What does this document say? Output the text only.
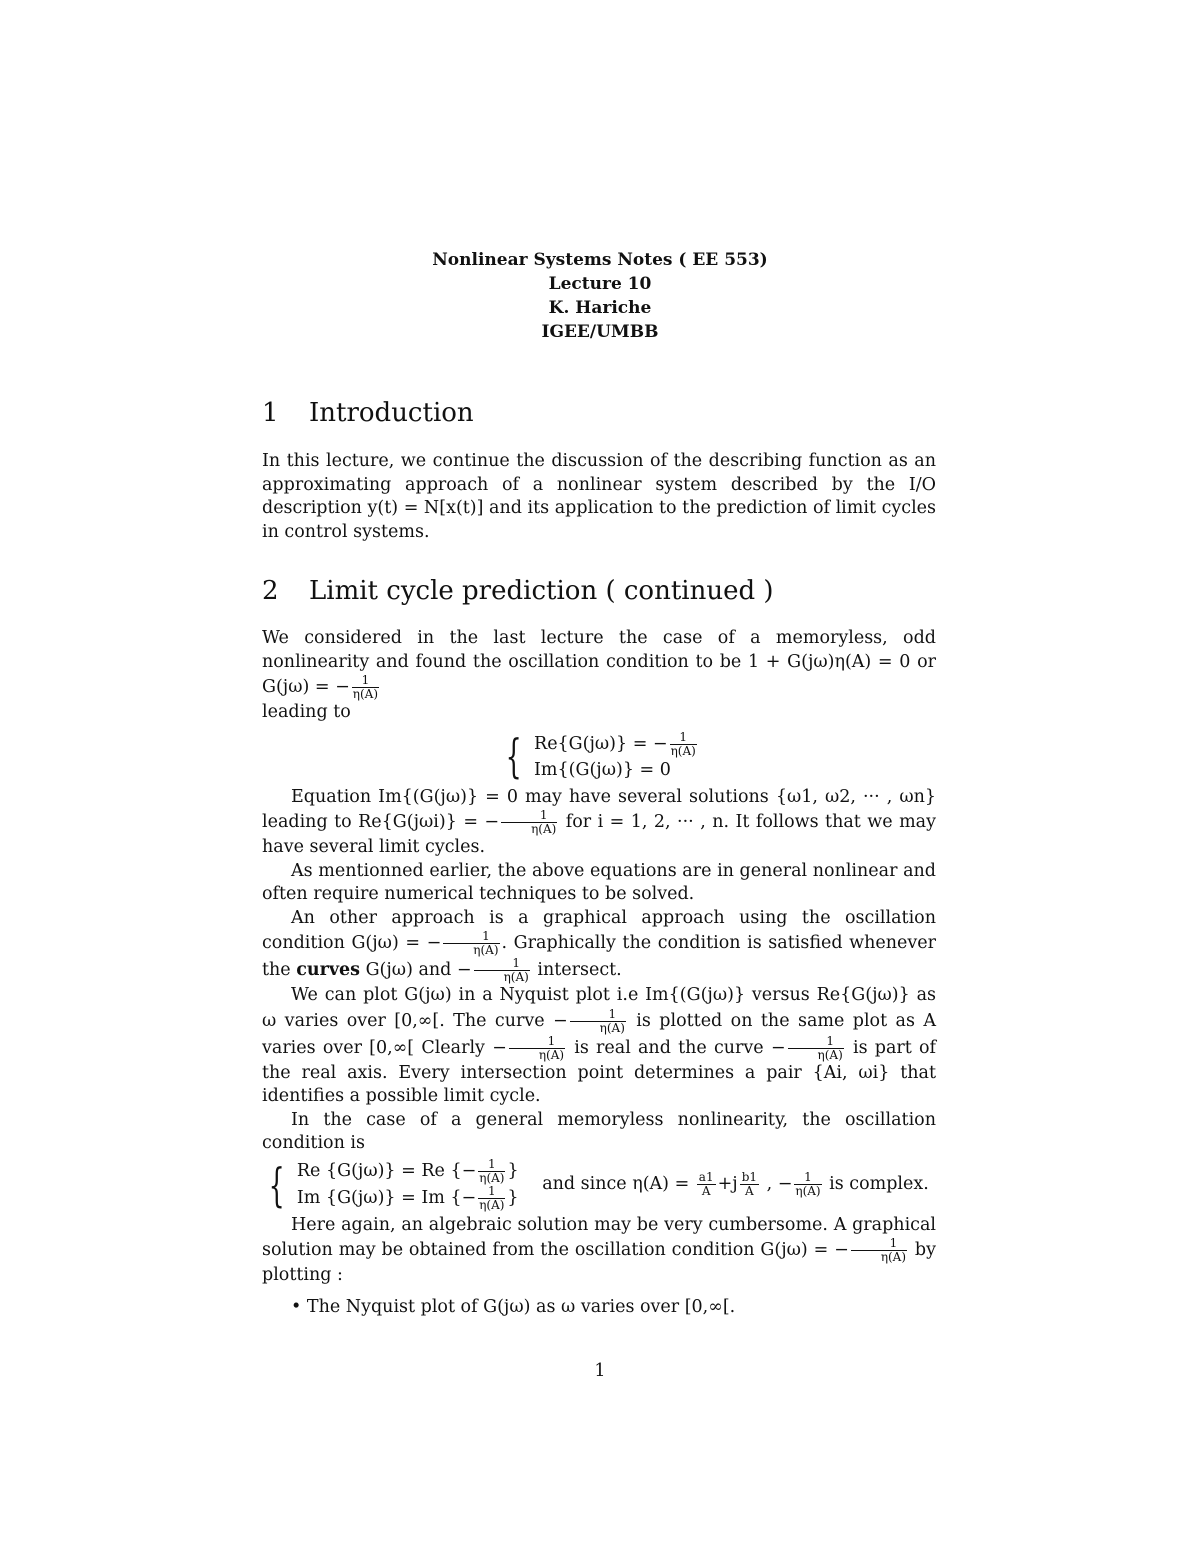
Nonlinear Systems Notes ( EE 553)
Lecture 10
K. Hariche
IGEE/UMBB
1 Introduction

In this lecture, we continue the discussion of the describing function as an approximating approach of a nonlinear system described by the I/O description y(t) = N[x(t)] and its application to the prediction of limit cycles in control systems.

2 Limit cycle prediction ( continued )

We considered in the last lecture the case of a memoryless, odd nonlinearity and found the oscillation condition to be 1 + G(jω)η(A) = 0 or G(jω) = − $\frac{1}{\eta(A)}$

leading to

{ Re{G(jω)} = − $\frac{1}{\eta(A)}$

Im{(G(jω)} = 0

Equation Im{(G(jω)} = 0 may have several solutions {ω1, ω2, ··· , ωn} leading to Re{G(jωi)} = − $\frac{1}{\eta(A)}$ for i = 1, 2, ··· , n. It follows that we may have several limit cycles.

As mentionned earlier, the above equations are in general nonlinear and often require numerical techniques to be solved.

An other approach is a graphical approach using the oscillation condition G(jω) = − $\frac{1}{\eta(A)}$ . Graphically the condition is satisfied whenever the curves G(jω) and − $\frac{1}{\eta(A)}$ intersect.

We can plot G(jω) in a Nyquist plot i.e Im{(G(jω)} versus Re{G(jω)} as ω varies over [0,∞[. The curve − $\frac{1}{\eta(A)}$ is plotted on the same plot as A varies over [0,∞[ Clearly − $\frac{1}{\eta(A)}$ is real and the curve − $\frac{1}{\eta(A)}$ is part of the real axis. Every intersection point determines a pair {Ai, ωi} that identifies a possible limit cycle.

In the case of a general memoryless nonlinearity, the oscillation condition is

{ Re {G(jω)} = Re {− $\frac{1}{\eta(A)}$ }
Im {G(jω)} = Im {− $\frac{1}{\eta(A)}$ } and since $\eta(A) = \frac{a1}{A} +j \frac{b1}{A}$ , − $\frac{1}{\eta(A)}$ is complex.

Here again, an algebraic solution may be very cumbersome. A graphical solution may be obtained from the oscillation condition G(jω) = − $\frac{1}{\eta(A)}$ by plotting :

• The Nyquist plot of G(jω) as ω varies over [0,∞[.
1
